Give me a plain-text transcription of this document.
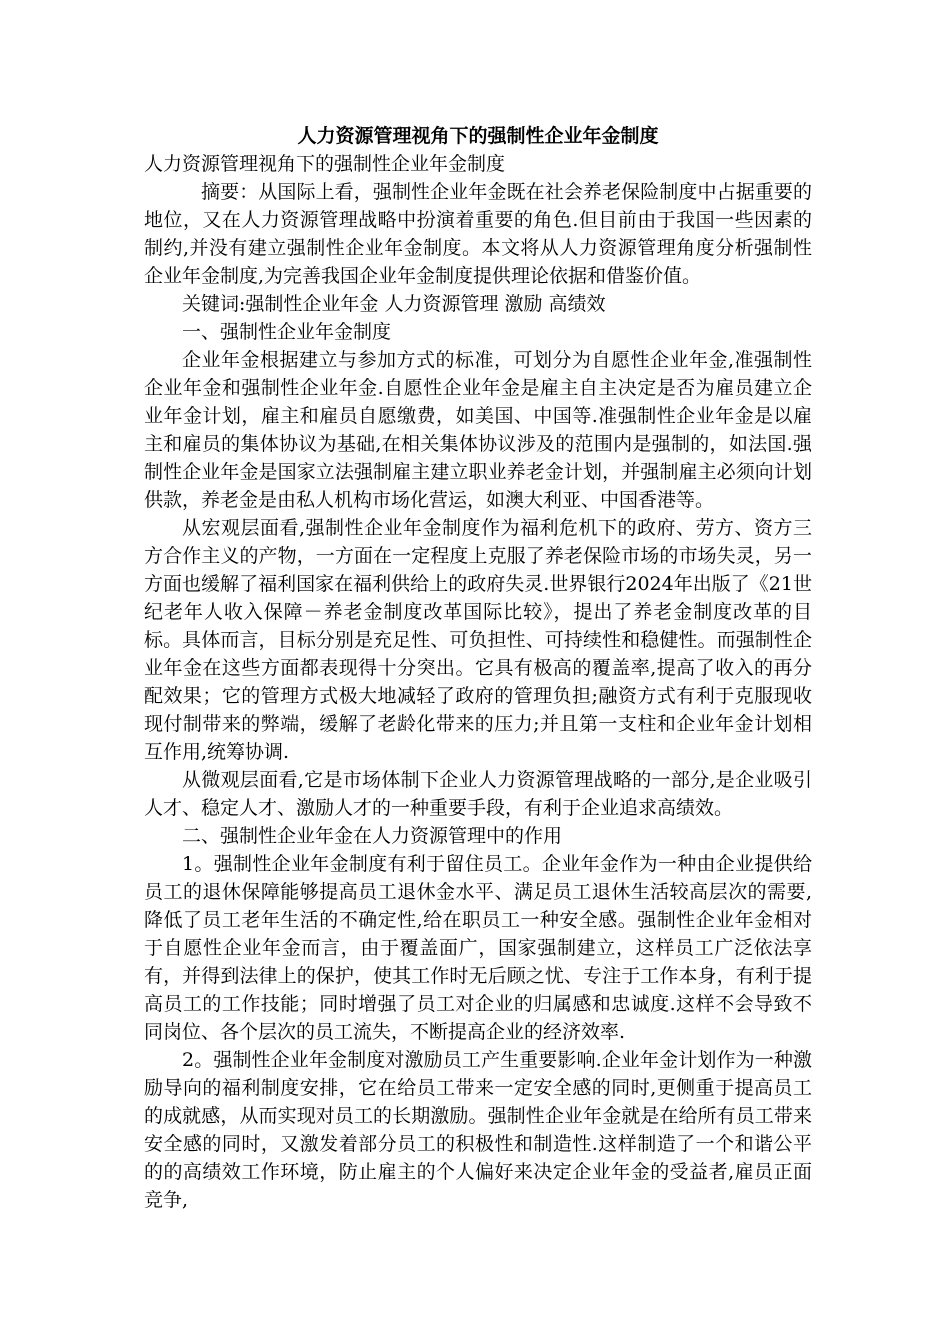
人力资源管理视角下的强制性企业年金制度

人力资源管理视角下的强制性企业年金制度

摘要：从国际上看，强制性企业年金既在社会养老保险制度中占据重要的地位，又在人力资源管理战略中扮演着重要的角色.但目前由于我国一些因素的制约,并没有建立强制性企业年金制度。本文将从人力资源管理角度分析强制性企业年金制度,为完善我国企业年金制度提供理论依据和借鉴价值。

关键词:强制性企业年金 人力资源管理 激励 高绩效

一、强制性企业年金制度

企业年金根据建立与参加方式的标准，可划分为自愿性企业年金,准强制性企业年金和强制性企业年金.自愿性企业年金是雇主自主决定是否为雇员建立企业年金计划，雇主和雇员自愿缴费，如美国、中国等.准强制性企业年金是以雇主和雇员的集体协议为基础,在相关集体协议涉及的范围内是强制的，如法国.强制性企业年金是国家立法强制雇主建立职业养老金计划，并强制雇主必须向计划供款，养老金是由私人机构市场化营运，如澳大利亚、中国香港等。

从宏观层面看,强制性企业年金制度作为福利危机下的政府、劳方、资方三方合作主义的产物，一方面在一定程度上克服了养老保险市场的市场失灵，另一方面也缓解了福利国家在福利供给上的政府失灵.世界银行2024年出版了《21世纪老年人收入保障－养老金制度改革国际比较》，提出了养老金制度改革的目标。具体而言，目标分别是充足性、可负担性、可持续性和稳健性。而强制性企业年金在这些方面都表现得十分突出。它具有极高的覆盖率,提高了收入的再分配效果；它的管理方式极大地减轻了政府的管理负担;融资方式有利于克服现收现付制带来的弊端，缓解了老龄化带来的压力;并且第一支柱和企业年金计划相互作用,统筹协调.

从微观层面看,它是市场体制下企业人力资源管理战略的一部分,是企业吸引人才、稳定人才、激励人才的一种重要手段，有利于企业追求高绩效。

二、强制性企业年金在人力资源管理中的作用

1。强制性企业年金制度有利于留住员工。企业年金作为一种由企业提供给员工的退休保障能够提高员工退休金水平、满足员工退休生活较高层次的需要,降低了员工老年生活的不确定性,给在职员工一种安全感。强制性企业年金相对于自愿性企业年金而言，由于覆盖面广，国家强制建立，这样员工广泛依法享有，并得到法律上的保护，使其工作时无后顾之忧、专注于工作本身，有利于提高员工的工作技能；同时增强了员工对企业的归属感和忠诚度.这样不会导致不同岗位、各个层次的员工流失，不断提高企业的经济效率.

2。强制性企业年金制度对激励员工产生重要影响.企业年金计划作为一种激励导向的福利制度安排，它在给员工带来一定安全感的同时,更侧重于提高员工的成就感，从而实现对员工的长期激励。强制性企业年金就是在给所有员工带来安全感的同时，又激发着部分员工的积极性和制造性.这样制造了一个和谐公平的的高绩效工作环境，防止雇主的个人偏好来决定企业年金的受益者,雇员正面竞争,
